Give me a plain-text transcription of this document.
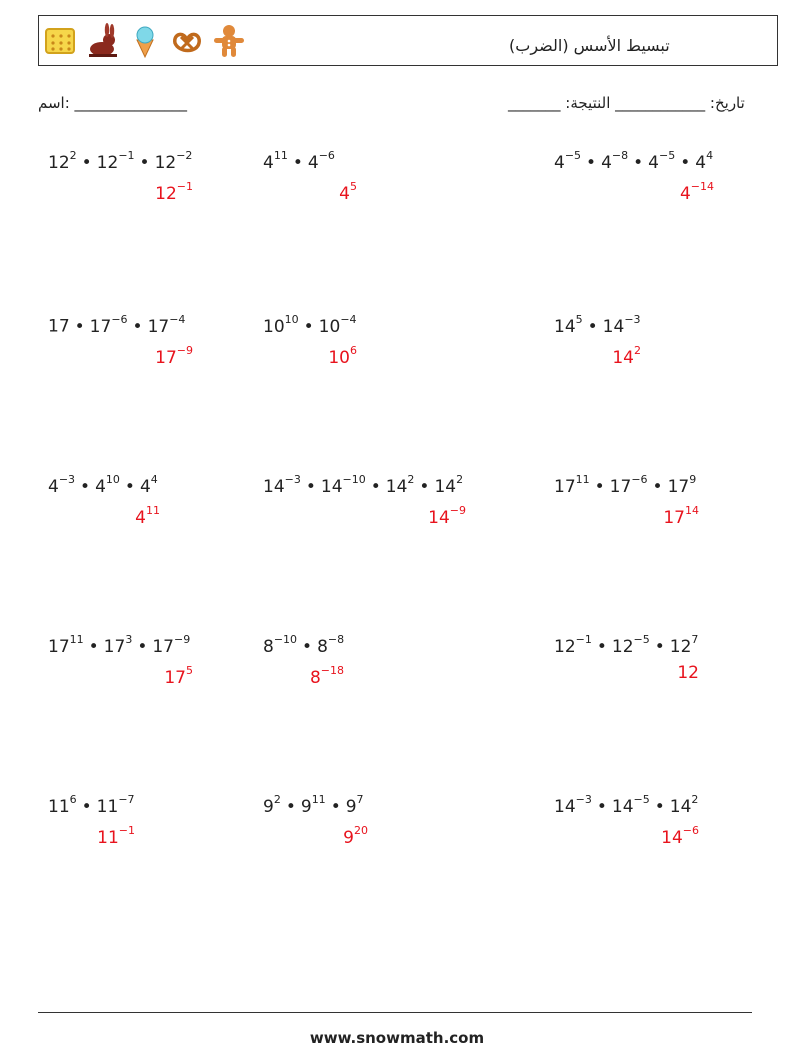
(تبسيط الأسس (الضرب
اسم: _______________	_______ :تاريخ: ____________ النتيجة
$12^2$ • $12^{-1}$ • $12^{-2}$
$12^{-1}$
$4^{11}$ • $4^{-6}$
$4^5$
$4^{-5}$ • $4^{-8}$ • $4^{-5}$ • $4^4$
$4^{-14}$
17 • $17^{-6}$ • $17^{-4}$
$17^{-9}$
$10^{10}$ • $10^{-4}$
$10^6$
$14^5$ • $14^{-3}$
$14^2$
$4^{-3}$ • $4^{10}$ • $4^4$
$4^{11}$
$14^{-3}$ • $14^{-10}$ • $14^2$ • $14^2$
$14^{-9}$
$17^{11}$ • $17^{-6}$ • $17^9$
$17^{14}$
$17^{11}$ • $17^3$ • $17^{-9}$
$17^5$
$8^{-10}$ • $8^{-8}$
$8^{-18}$
$12^{-1}$ • $12^{-5}$ • $12^7$
12
$11^6$ • $11^{-7}$
$11^{-1}$
$9^2$ • $9^{11}$ • $9^7$
$9^{20}$
$14^{-3}$ • $14^{-5}$ • $14^2$
$14^{-6}$
www.snowmath.com
